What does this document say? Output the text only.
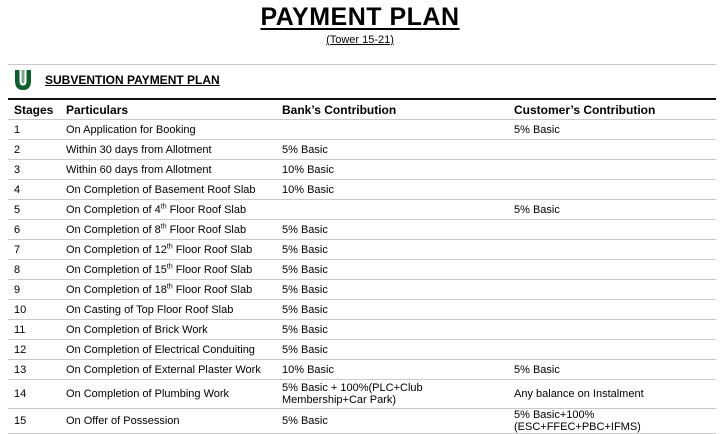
PAYMENT PLAN
(Tower 15-21)
SUBVENTION PAYMENT PLAN
Stages	Particulars	Bank’s Contribution	Customer’s Contribution
1	On Application for Booking		5% Basic
2	Within 30 days from Allotment	5% Basic	
3	Within 60 days from Allotment	10% Basic	
4	On Completion of Basement Roof Slab	10% Basic	
5	On Completion of 4th Floor Roof Slab		5% Basic
6	On Completion of 8th Floor Roof Slab	5% Basic	
7	On Completion of 12th Floor Roof Slab	5% Basic	
8	On Completion of 15th Floor Roof Slab	5% Basic	
9	On Completion of 18th Floor Roof Slab	5% Basic	
10	On Casting of Top Floor Roof Slab	5% Basic	
11	On Completion of Brick Work	5% Basic	
12	On Completion of Electrical Conduiting	5% Basic	
13	On Completion of External Plaster Work	10% Basic	5% Basic
14	On Completion of Plumbing Work	5% Basic + 100%(PLC+Club Membership+Car Park)	Any balance on Instalment
15	On Offer of Possession	5% Basic	5% Basic+100%(ESC+FFEC+PBC+IFMS)
